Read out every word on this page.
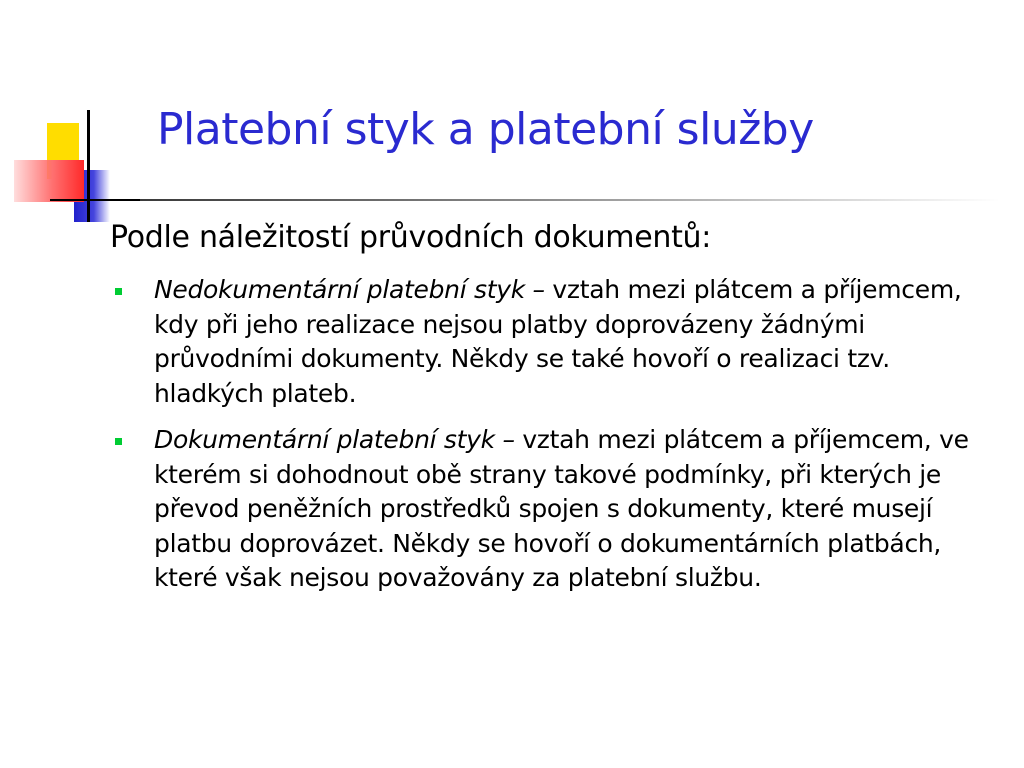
Platební styk a platební služby

Podle náležitostí průvodních dokumentů:

Nedokumentární platební styk – vztah mezi plátcem a příjemcem, kdy při jeho realizace nejsou platby doprovázeny žádnými průvodními dokumenty. Někdy se také hovoří o realizaci tzv. hladkých plateb.
Dokumentární platební styk – vztah mezi plátcem a příjemcem, ve kterém si dohodnout obě strany takové podmínky, při kterých je převod peněžních prostředků spojen s dokumenty, které musejí platbu doprovázet. Někdy se hovoří o dokumentárních platbách, které však nejsou považovány za platební službu.
